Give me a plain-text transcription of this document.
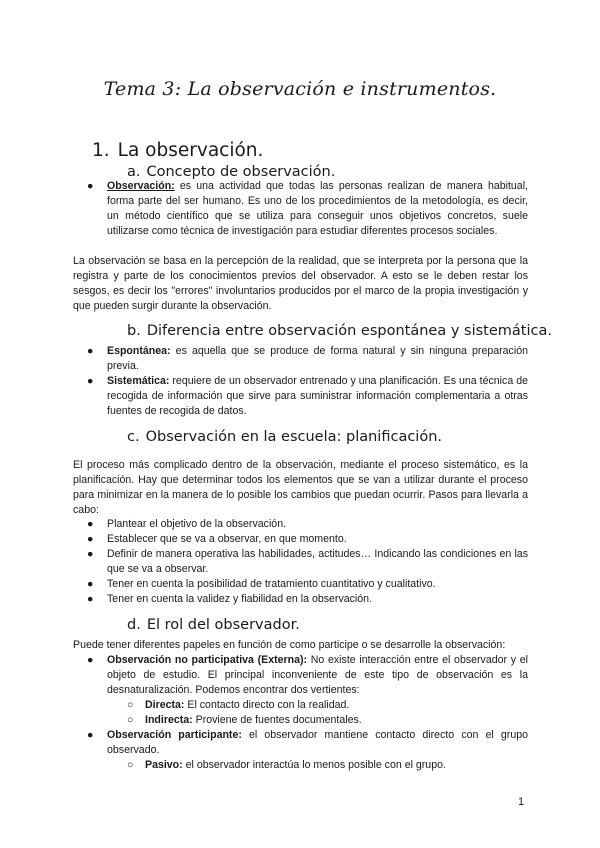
Tema 3: La observación e instrumentos.
1. La observación.
a. Concepto de observación.
● Observación: es una actividad que todas las personas realizan de manera habitual, forma parte del ser humano. Es uno de los procedimientos de la metodología, es decir, un método científico que se utiliza para conseguir unos objetivos concretos, suele utilizarse como técnica de investigación para estudiar diferentes procesos sociales.
La observación se basa en la percepción de la realidad, que se interpreta por la persona que la registra y parte de los conocimientos previos del observador. A esto se le deben restar los sesgos, es decir los "errores" involuntarios producidos por el marco de la propia investigación y que pueden surgir durante la observación.
b. Diferencia entre observación espontánea y sistemática.
● Espontánea: es aquella que se produce de forma natural y sin ninguna preparación previa.
● Sistemática: requiere de un observador entrenado y una planificación. Es una técnica de recogida de información que sirve para suministrar información complementaria a otras fuentes de recogida de datos.
c. Observación en la escuela: planificación.
El proceso más complicado dentro de la observación, mediante el proceso sistemático, es la planificación. Hay que determinar todos los elementos que se van a utilizar durante el proceso para minimizar en la manera de lo posible los cambios que puedan ocurrir. Pasos para llevarla a cabo:
● Plantear el objetivo de la observación.
● Establecer que se va a observar, en que momento.
● Definir de manera operativa las habilidades, actitudes… Indicando las condiciones en las que se va a observar.
● Tener en cuenta la posibilidad de tratamiento cuantitativo y cualitativo.
● Tener en cuenta la validez y fiabilidad en la observación.
d. El rol del observador.
Puede tener diferentes papeles en función de como participe o se desarrolle la observación:
● Observación no participativa (Externa): No existe interacción entre el observador y el objeto de estudio. El principal inconveniente de este tipo de observación es la desnaturalización. Podemos encontrar dos vertientes:
○ Directa: El contacto directo con la realidad.
○ Indirecta: Proviene de fuentes documentales.
● Observación participante: el observador mantiene contacto directo con el grupo observado.
○ Pasivo: el observador interactúa lo menos posible con el grupo.
1
